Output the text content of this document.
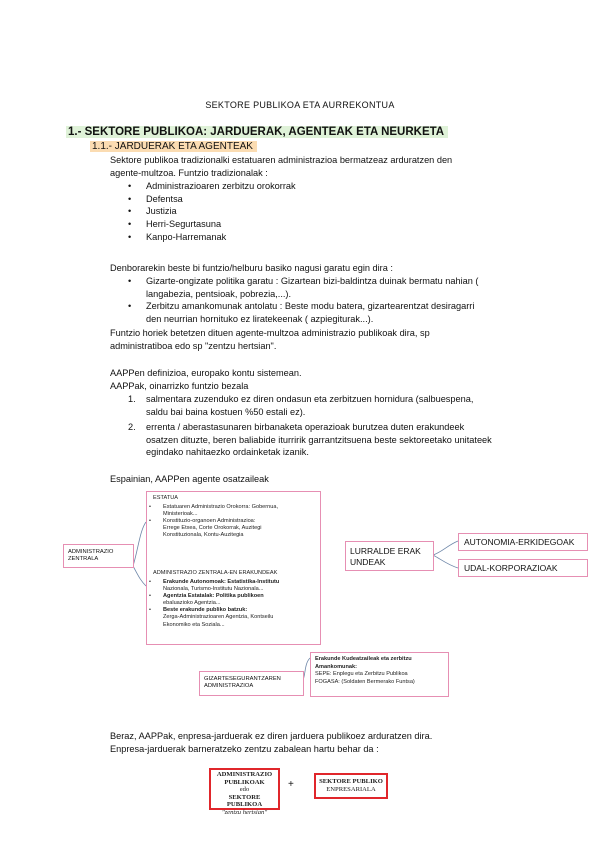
SEKTORE PUBLIKOA ETA AURREKONTUA
1.- SEKTORE PUBLIKOA: JARDUERAK, AGENTEAK ETA NEURKETA
1.1.- JARDUERAK ETA AGENTEAK
Sektore publikoa tradizionalki estatuaren administrazioa bermatzeaz arduratzen den
agente-multzoa. Funtzio tradizionalak :
• Administrazioaren zerbitzu orokorrak
• Defentsa
• Justizia
• Herri-Segurtasuna
• Kanpo-Harremanak
Denborarekin beste bi funtzio/helburu basiko nagusi garatu egin dira :
• Gizarte-ongizate politika garatu : Gizartean bizi-baldintza duinak bermatu nahian (
langabezia, pentsioak, pobrezia,...).
• Zerbitzu amankomunak antolatu : Beste modu batera, gizartearentzat desiragarri
den neurrian hornituko ez liratekeenak ( azpiegiturak...).
Funtzio horiek betetzen dituen agente-multzoa administrazio publikoak dira, sp
administratiboa edo sp "zentzu hertsian".
AAPPen definizioa, europako kontu sistemean.
AAPPak, oinarrizko funtzio bezala
1. salmentara zuzenduko ez diren ondasun eta zerbitzuen hornidura (salbuespena,
saldu bai baina kostuen %50 estali ez).
2. errenta / aberastasunaren birbanaketa operazioak burutzea duten erakundeek
osatzen dituzte, beren baliabide iturririk garrantzitsuena beste sektoreetako unitateek
egindako nahitaezko ordainketak izanik.
Espainian, AAPPen agente osatzaileak
ADMINISTRAZIO
ZENTRALA
ESTATUA
• Estatuaren Administrazio Orokorra: Gobernua,
Ministerioak...
• Konstituzio-organoen Administrazioa:
Errege Etxea, Corte Orokorrak, Auzitegi
Konstituzionala, Kontu-Auzitegia
ADMINISTRAZIO ZENTRALA-EN ERAKUNDEAK
• Erakunde Autonomoak: Estatistika-Institutu
Nazionala, Turismo-Institutu Nazionala...
• Agentzia Estatalak: Politika publikoen
ebaluazioko Agentzia...
• Beste erakunde publiko batzuk:
Zerga-Administrazioaren Agentzia, Kontseilu
Ekonomiko eta Soziala...
LURRALDE ERAK
UNDEAK
AUTONOMIA-ERKIDEGOAK
UDAL-KORPORAZIOAK
GIZARTESEGURANTZAREN
ADMINISTRAZIOA
Erakunde Kudeatzaileak eta zerbitzu
Amankomunak:
SEPE: Enplegu eta Zerbitzu Publikoa
FOGASA: (Soldaten Bermerako Funtsa)
Beraz, AAPPak, enpresa-jarduerak ez diren jarduera publikoez arduratzen dira.
Enpresa-jarduerak barneratzeko zentzu zabalean hartu behar da :
ADMINISTRAZIO
PUBLIKOAK
edo
SEKTORE PUBLIKOA
"zentzu hertsian"
+	SEKTORE PUBLIKO
ENPRESARIALA
